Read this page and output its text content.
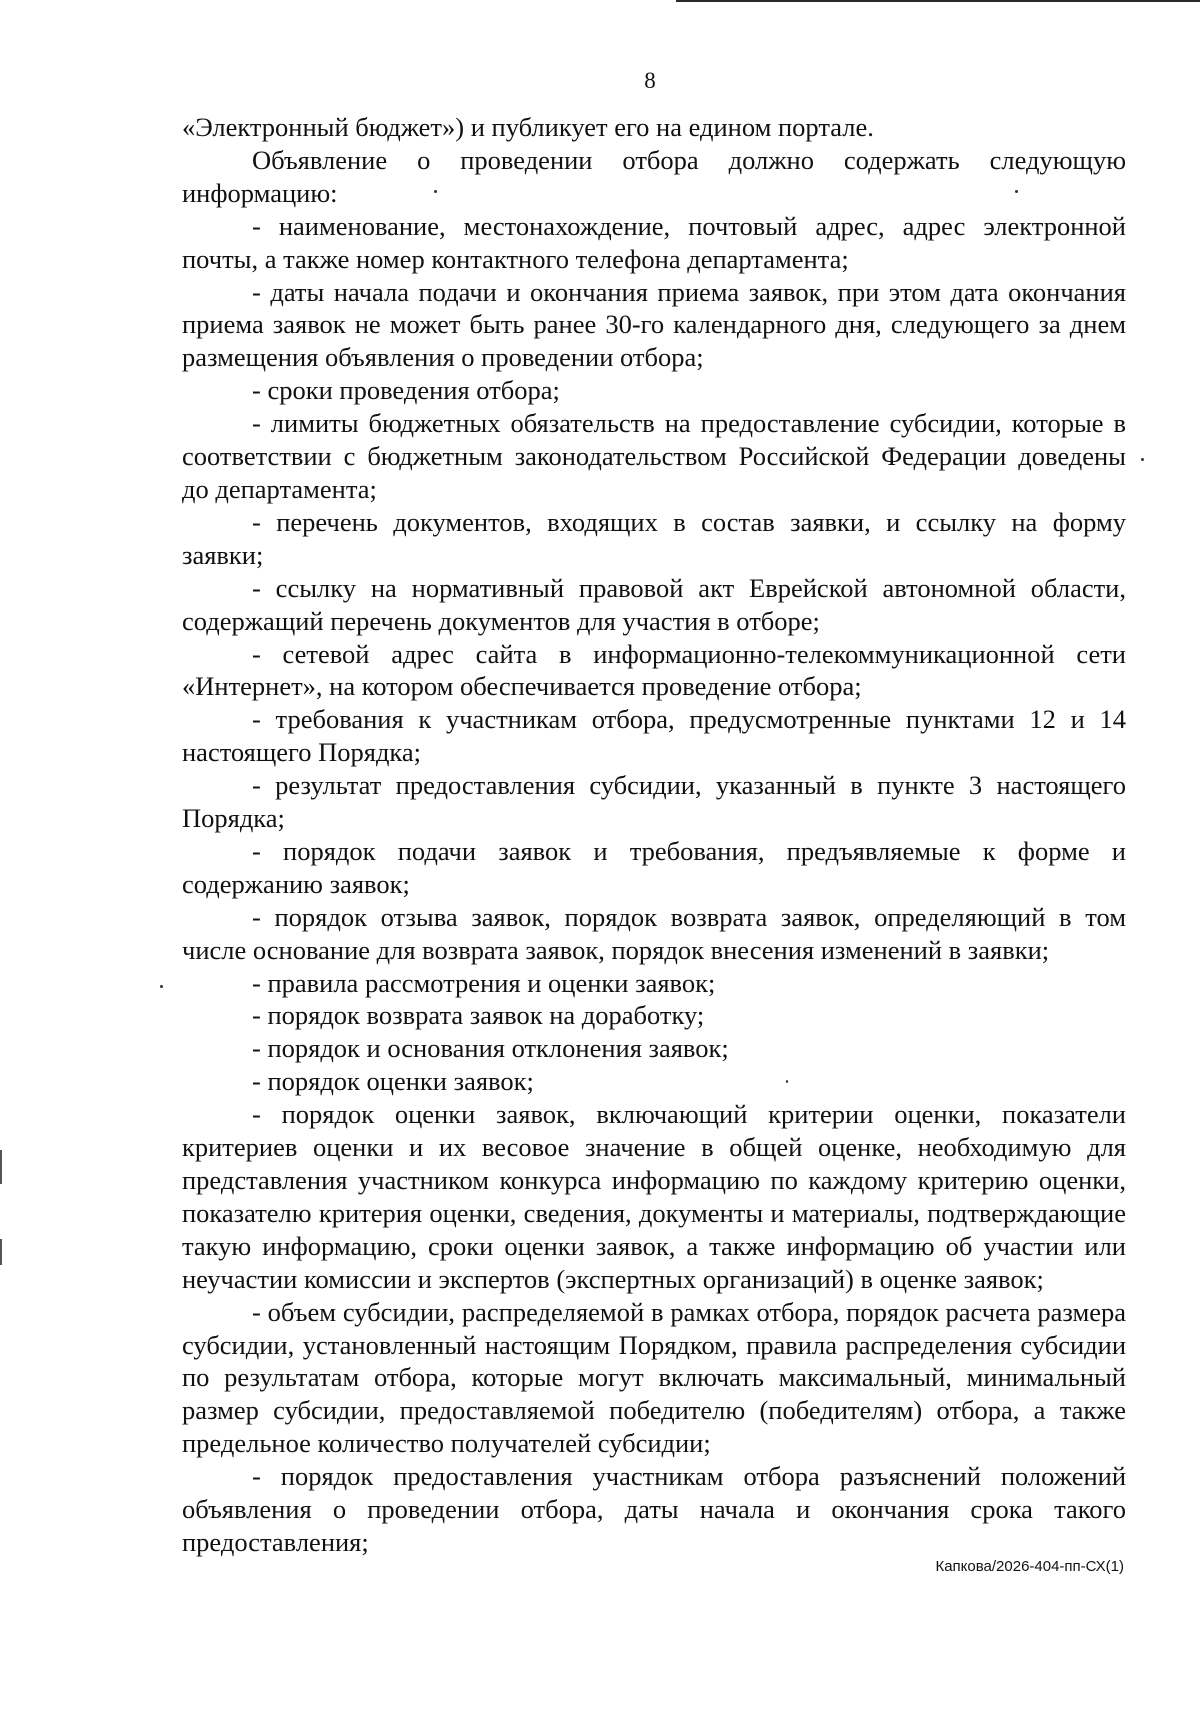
8

«Электронный бюджет») и публикует его на едином портале.

Объявление о проведении отбора должно содержать следующую информацию:

- наименование, местонахождение, почтовый адрес, адрес электронной почты, а также номер контактного телефона департамента;

- даты начала подачи и окончания приема заявок, при этом дата окончания приема заявок не может быть ранее 30-го календарного дня, следующего за днем размещения объявления о проведении отбора;

- сроки проведения отбора;

- лимиты бюджетных обязательств на предоставление субсидии, которые в соответствии с бюджетным законодательством Российской Федерации доведены до департамента;

- перечень документов, входящих в состав заявки, и ссылку на форму заявки;

- ссылку на нормативный правовой акт Еврейской автономной области, содержащий перечень документов для участия в отборе;

- сетевой адрес сайта в информационно-телекоммуникационной сети «Интернет», на котором обеспечивается проведение отбора;

- требования к участникам отбора, предусмотренные пунктами 12 и 14 настоящего Порядка;

- результат предоставления субсидии, указанный в пункте 3 настоящего Порядка;

- порядок подачи заявок и требования, предъявляемые к форме и содержанию заявок;

- порядок отзыва заявок, порядок возврата заявок, определяющий в том числе основание для возврата заявок, порядок внесения изменений в заявки;

- правила рассмотрения и оценки заявок;

- порядок возврата заявок на доработку;

- порядок и основания отклонения заявок;

- порядок оценки заявок;

- порядок оценки заявок, включающий критерии оценки, показатели критериев оценки и их весовое значение в общей оценке, необходимую для представления участником конкурса информацию по каждому критерию оценки, показателю критерия оценки, сведения, документы и материалы, подтверждающие такую информацию, сроки оценки заявок, а также информацию об участии или неучастии комиссии и экспертов (экспертных организаций) в оценке заявок;

- объем субсидии, распределяемой в рамках отбора, порядок расчета размера субсидии, установленный настоящим Порядком, правила распределения субсидии по результатам отбора, которые могут включать максимальный, минимальный размер субсидии, предоставляемой победителю (победителям) отбора, а также предельное количество получателей субсидии;

- порядок предоставления участникам отбора разъяснений положений объявления о проведении отбора, даты начала и окончания срока такого предоставления;

Капкова/2026-404-пп-СХ(1)
